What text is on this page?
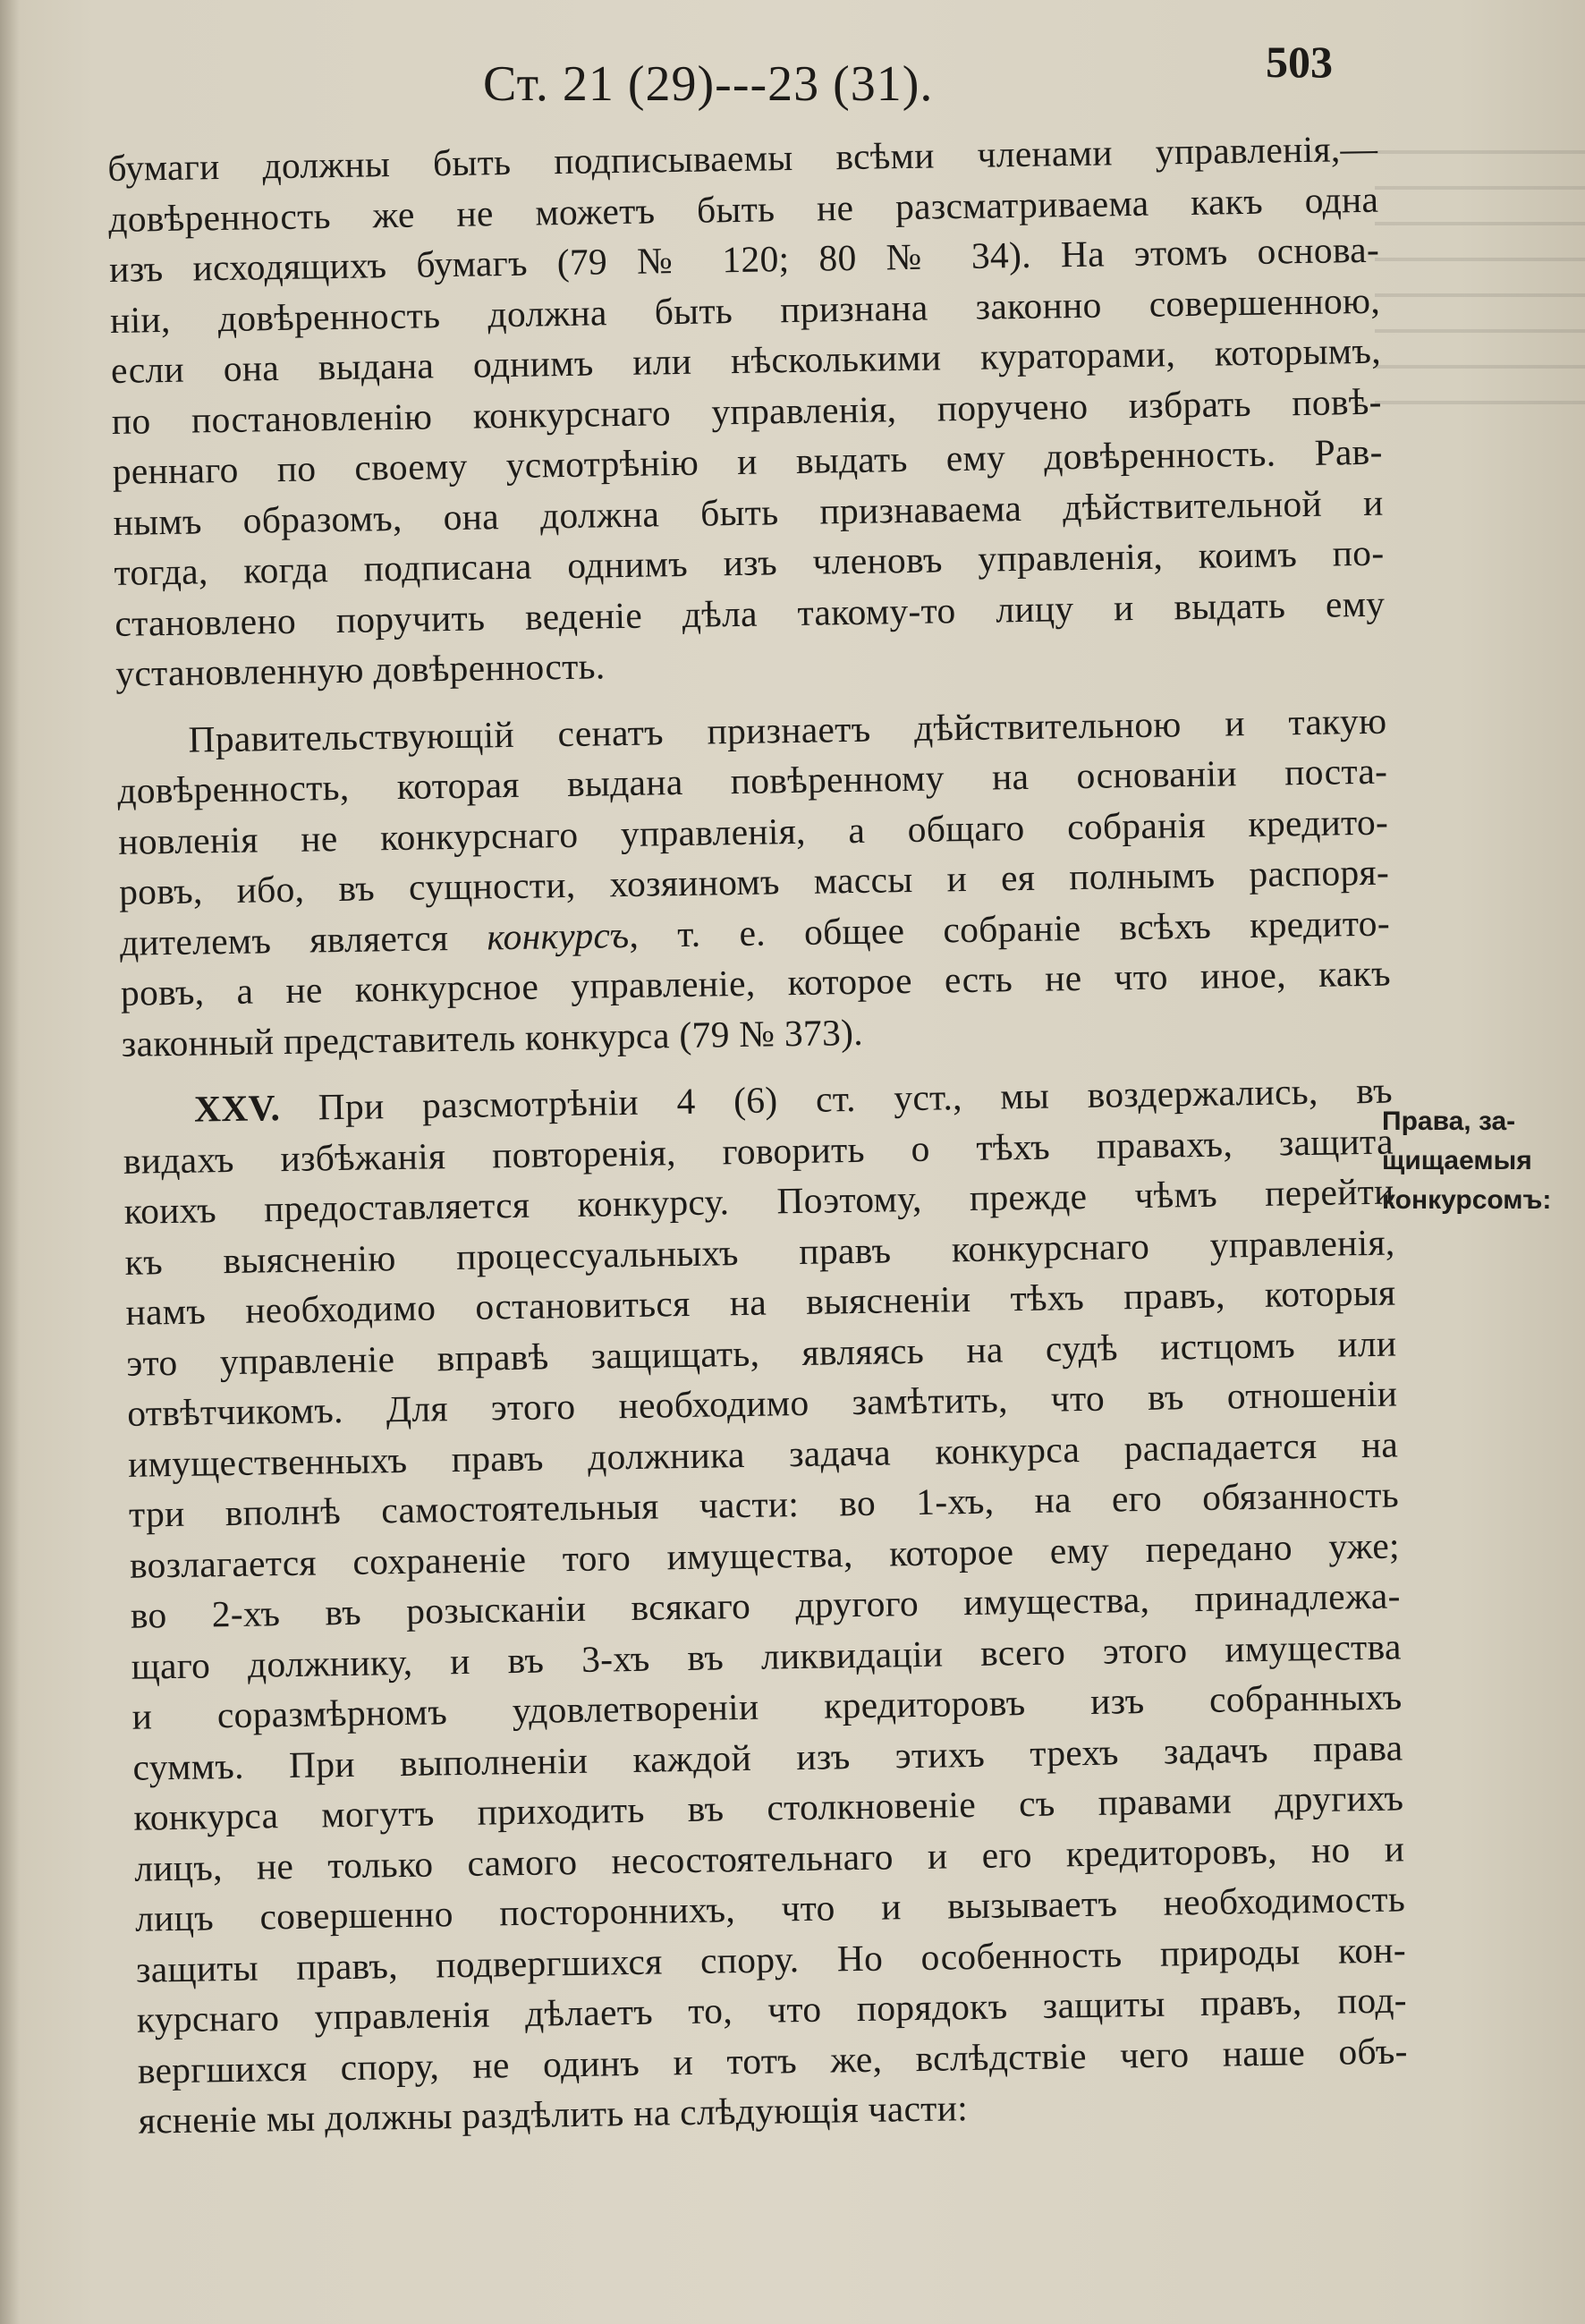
Ст. 21 (29)---23 (31).	503
бумаги должны быть подписываемы всѣми членами управленія,—
довѣренность же не можетъ быть не разсматриваема какъ одна
изъ исходящихъ бумагъ (79 № 120; 80 № 34). На этомъ основа-
ніи, довѣренность должна быть признана законно совершенною,
если она выдана однимъ или нѣсколькими кураторами, которымъ,
по постановленію конкурснаго управленія, поручено избрать повѣ-
реннаго по своему усмотрѣнію и выдать ему довѣренность. Рав-
нымъ образомъ, она должна быть признаваема дѣйствительной и
тогда, когда подписана однимъ изъ членовъ управленія, коимъ по-
становлено поручить веденіе дѣла такому-то лицу и выдать ему
установленную довѣренность.
Правительствующій сенатъ признаетъ дѣйствительною и такую
довѣренность, которая выдана повѣренному на основаніи поста-
новленія не конкурснаго управленія, а общаго собранія кредито-
ровъ, ибо, въ сущности, хозяиномъ массы и ея полнымъ распоря-
дителемъ является конкурсъ, т. е. общее собраніе всѣхъ кредито-
ровъ, а не конкурсное управленіе, которое есть не что иное, какъ
законный представитель конкурса (79 № 373).
XXV. При разсмотрѣніи 4 (6) ст. уст., мы воздержались, въ
видахъ избѣжанія повторенія, говорить о тѣхъ правахъ, защита
коихъ предоставляется конкурсу. Поэтому, прежде чѣмъ перейти
къ выясненію процессуальныхъ правъ конкурснаго управленія,
намъ необходимо остановиться на выясненіи тѣхъ правъ, которыя
это управленіе вправѣ защищать, являясь на судѣ истцомъ или
отвѣтчикомъ. Для этого необходимо замѣтить, что въ отношеніи
имущественныхъ правъ должника задача конкурса распадается на
три вполнѣ самостоятельныя части: во 1-хъ, на его обязанность
возлагается сохраненіе того имущества, которое ему передано уже;
во 2-хъ въ розысканіи всякаго другого имущества, принадлежа-
щаго должнику, и въ 3-хъ въ ликвидаціи всего этого имущества
и соразмѣрномъ удовлетвореніи кредиторовъ изъ собранныхъ
суммъ. При выполненіи каждой изъ этихъ трехъ задачъ права
конкурса могутъ приходить въ столкновеніе съ правами другихъ
лицъ, не только самого несостоятельнаго и его кредиторовъ, но и
лицъ совершенно постороннихъ, что и вызываетъ необходимость
защиты правъ, подвергшихся спору. Но особенность природы кон-
курснаго управленія дѣлаетъ то, что порядокъ защиты правъ, под-
вергшихся спору, не одинъ и тотъ же, вслѣдствіе чего наше объ-
ясненіе мы должны раздѣлить на слѣдующія части:
Права, за-
щищаемыя
конкурсомъ:
